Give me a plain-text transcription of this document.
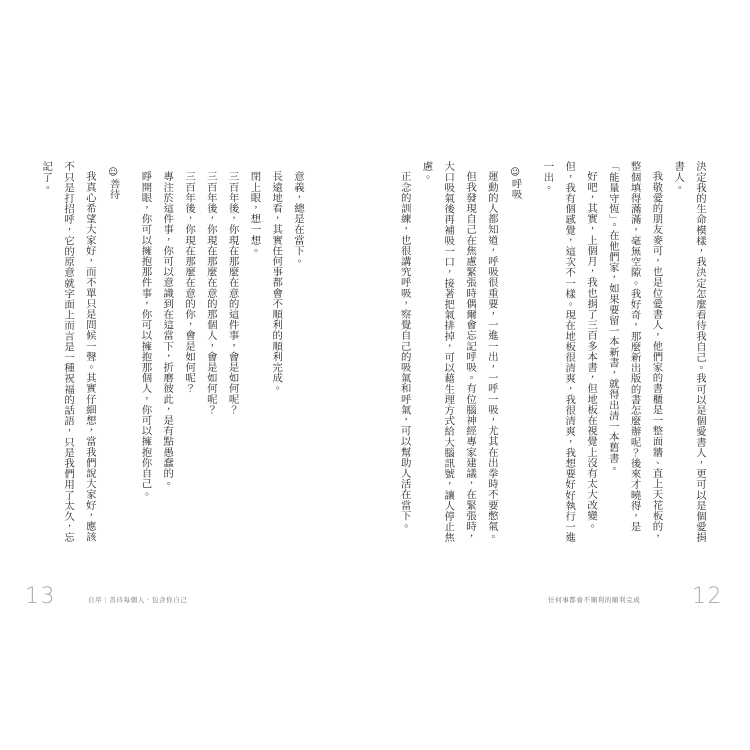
決定我的生命模樣，我決定怎麼看待我自己。我可以是個愛書人，更可以是個愛捐書人。

我敬愛的朋友麥可，也是位愛書人，他們家的書櫃是一整面牆、直上天花板的，整個填得滿滿，毫無空隙。我好奇，那麼新出版的書怎麼辦呢？後來才曉得，是「能量守恆」。在他們家，如果要留一本新書，就得出清一本舊書。

好吧，其實，上個月，我也捐了三百多本書，但地板在視覺上沒有太大改變。但，我有個感覺，這次不一樣。現在地板很清爽，我很清爽，我想要好好執行一進一出。

☺呼吸

運動的人都知道，呼吸很重要，一進一出，一呼一吸，尤其在出拳時不要憋氣。

但我發現自己在焦慮緊張時偶爾會忘記呼吸。有位腦神經專家建議，在緊張時，大口吸氣後再補吸一口，接著把氣排掉，可以藉生理方式給大腦訊號，讓人停止焦慮。

正念的訓練，也很講究呼吸，察覺自己的吸氣和呼氣，可以幫助人活在當下。

任何事都會不順利的順利完成 12

意義，總是在當下。

長遠地看，其實任何事都會不順利的順利完成。

閉上眼，想一想。

三百年後，你現在那麼在意的這件事，會是如何呢？

三百年後，你現在那麼在意的那個人，會是如何呢？

三百年後，你現在那麼在意的你，會是如何呢？

專注於這件事，你可以意識到在這當下，折磨彼此，是有點愚蠢的。

睜開眼，你可以擁抱那件事，你可以擁抱那個人，你可以擁抱你自己。

☺善待

我真心希望大家好，而不單只是問候一聲。其實仔細想，當我們說大家好，應該不只是打招呼，它的原意就字面上而言是一種祝福的話語，只是我們用了太久，忘記了。

13	自序｜善待每個人，包含你自己
